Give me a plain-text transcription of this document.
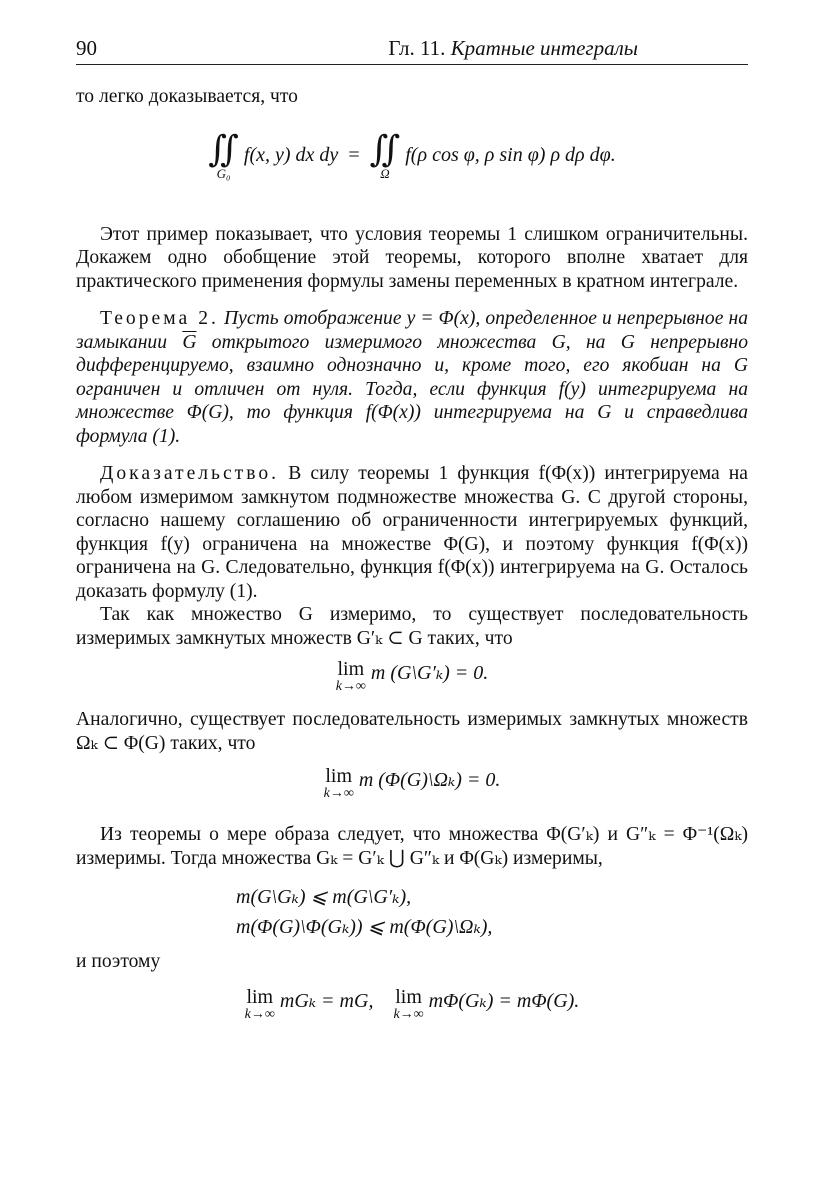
90	Гл. 11. Кратные интегралы

то легко доказывается, что

∬
G₀
f(x, y) dx dy  = ∬
Ω
f(ρ cos φ, ρ sin φ) ρ dρ dφ.

Этот пример показывает, что условия теоремы 1 слишком ограничительны. Докажем одно обобщение этой теоремы, которого вполне хватает для практического применения формулы замены переменных в кратном интеграле.

Теорема 2. Пусть отображение y = Φ(x), определенное и непрерывное на замыкании $\overline{G}$ открытого измеримого множества G, на G непрерывно дифференцируемо, взаимно однозначно и, кроме того, его якобиан на G ограничен и отличен от нуля. Тогда, если функция f(y) интегрируема на множестве Φ(G), то функция f(Φ(x)) интегрируема на G и справедлива формула (1).

Доказательство. В силу теоремы 1 функция f(Φ(x)) интегрируема на любом измеримом замкнутом подмножестве множества G. С другой стороны, согласно нашему соглашению об ограниченности интегрируемых функций, функция f(y) ограничена на множестве Φ(G), и поэтому функция f(Φ(x)) ограничена на G. Следовательно, функция f(Φ(x)) интегрируема на G. Осталось доказать формулу (1).

Так как множество G измеримо, то существует последовательность измеримых замкнутых множеств G′ₖ ⊂ G таких, что

lim
k→∞
m (G\G′ₖ) = 0.

Аналогично, существует последовательность измеримых замкнутых множеств Ωₖ ⊂ Φ(G) таких, что

lim
k→∞
m (Φ(G)\Ωₖ) = 0.

Из теоремы о мере образа следует, что множества Φ(G′ₖ) и G″ₖ = Φ⁻¹(Ωₖ) измеримы. Тогда множества Gₖ = G′ₖ ⋃ G″ₖ и Φ(Gₖ) измеримы,

m(G\Gₖ) ⩽ m(G\G′ₖ),
m(Φ(G)\Φ(Gₖ)) ⩽ m(Φ(G)\Ωₖ),

и поэтому

lim
k→∞
mGₖ = mG, lim
k→∞
mΦ(Gₖ) = mΦ(G).
